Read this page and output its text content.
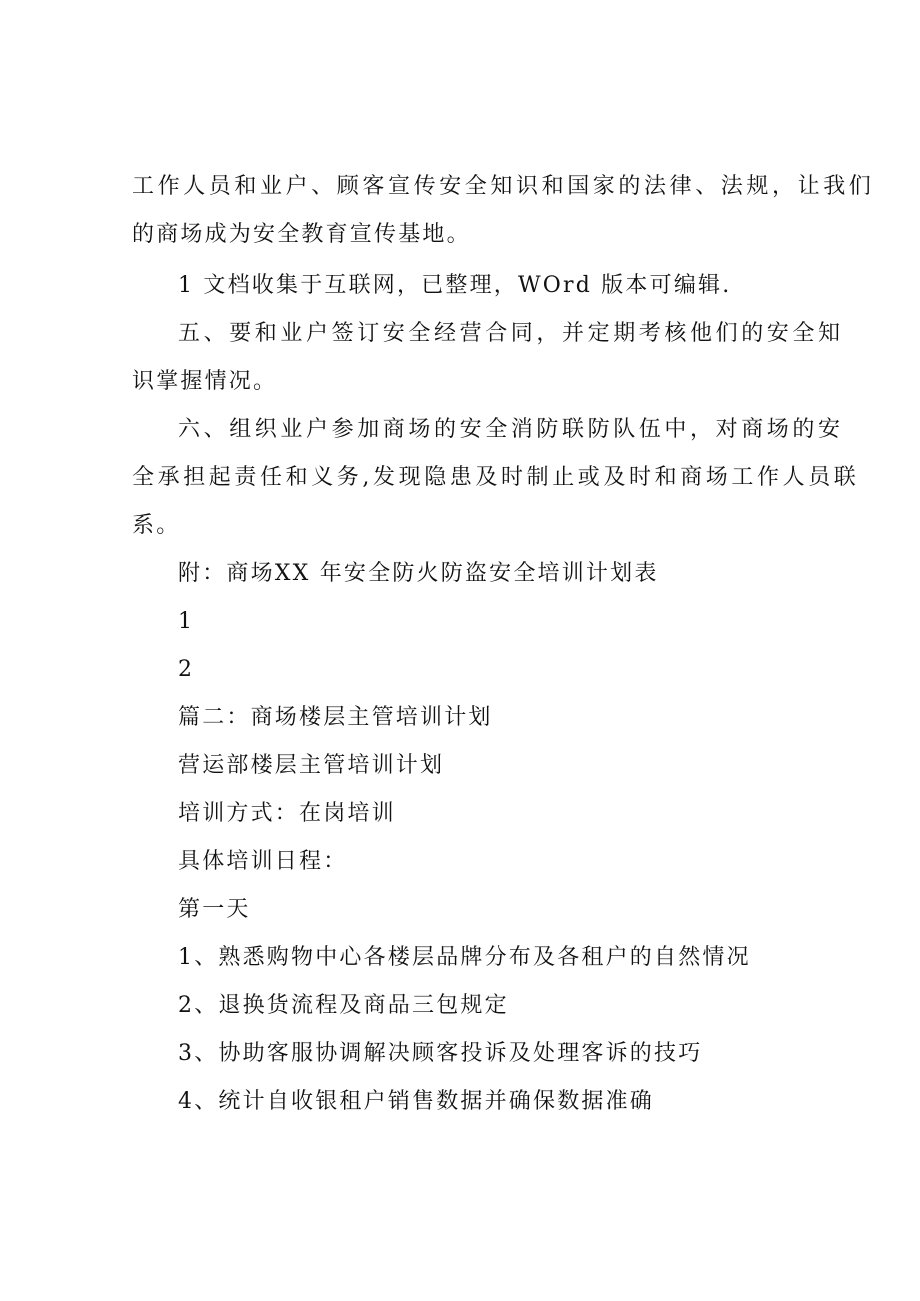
工作人员和业户、顾客宣传安全知识和国家的法律、法规，让我们
的商场成为安全教育宣传基地。
1 文档收集于互联网，已整理，WOrd 版本可编辑.
五、要和业户签订安全经营合同，并定期考核他们的安全知
识掌握情况。
六、组织业户参加商场的安全消防联防队伍中，对商场的安
全承担起责任和义务,发现隐患及时制止或及时和商场工作人员联
系。
附：商场XX 年安全防火防盗安全培训计划表
1
2
篇二：商场楼层主管培训计划
营运部楼层主管培训计划
培训方式：在岗培训
具体培训日程：
第一天
1、熟悉购物中心各楼层品牌分布及各租户的自然情况
2、退换货流程及商品三包规定
3、协助客服协调解决顾客投诉及处理客诉的技巧
4、统计自收银租户销售数据并确保数据准确
